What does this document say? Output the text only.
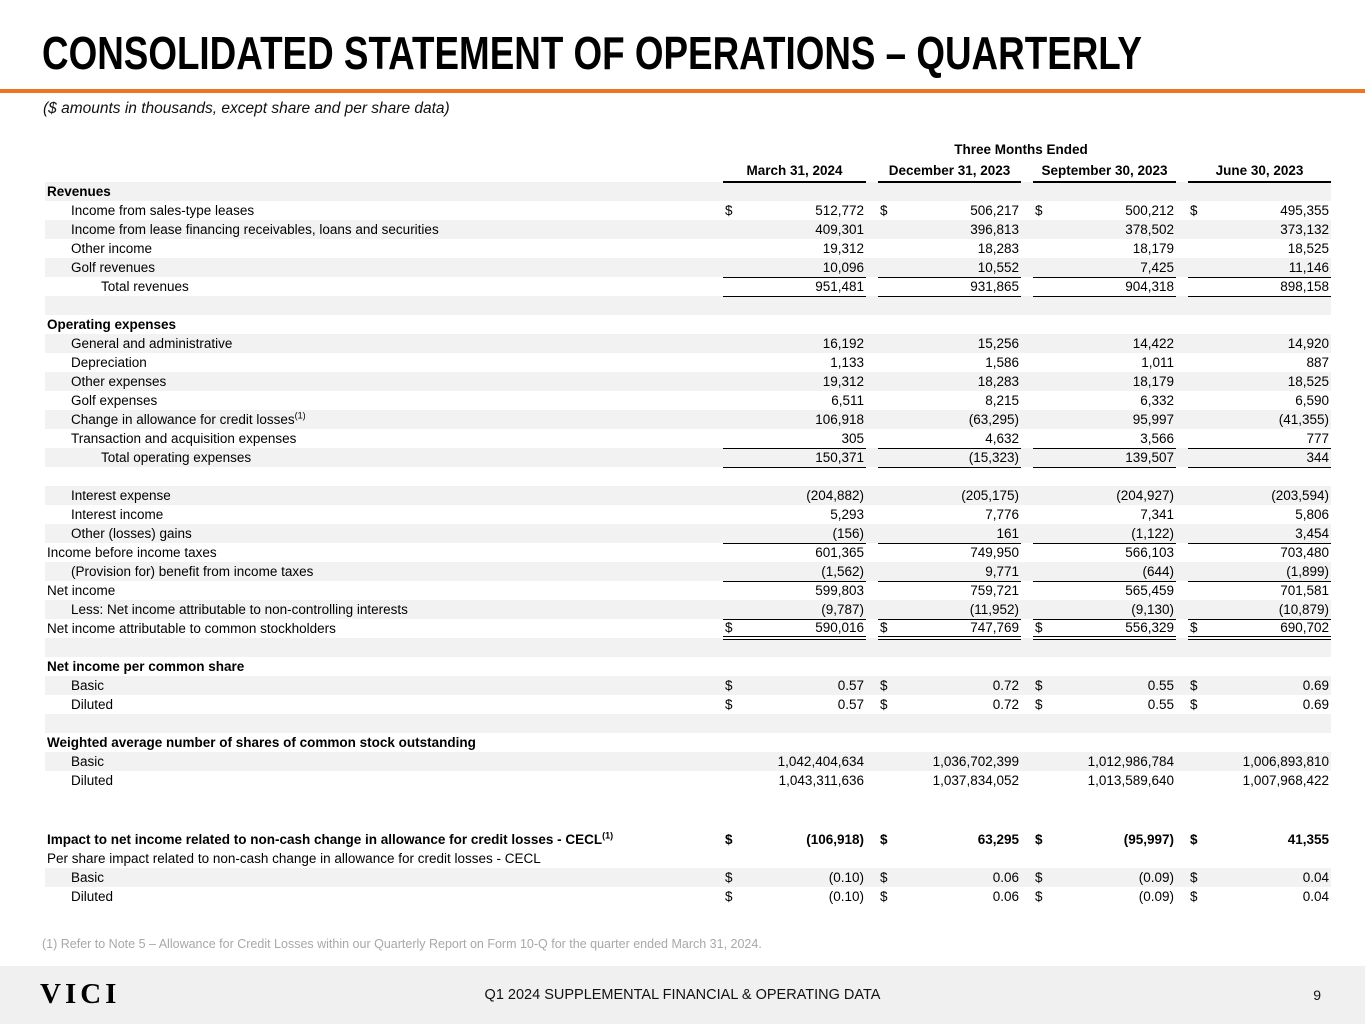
CONSOLIDATED STATEMENT OF OPERATIONS – QUARTERLY
($ amounts in thousands, except share and per share data)
	Three Months Ended											
		March 31, 2024			December 31, 2023			September 30, 2023			June 30, 2023	
Revenues												
Income from sales-type leases		$	512,772		$	506,217		$	500,212		$	495,355
Income from lease financing receivables, loans and securities			409,301			396,813			378,502			373,132
Other income			19,312			18,283			18,179			18,525
Golf revenues			10,096			10,552			7,425			11,146
Total revenues			951,481			931,865			904,318			898,158

Operating expenses												
General and administrative			16,192			15,256			14,422			14,920
Depreciation			1,133			1,586			1,011			887
Other expenses			19,312			18,283			18,179			18,525
Golf expenses			6,511			8,215			6,332			6,590
Change in allowance for credit losses$^{(1)}$			106,918			(63,295)			95,997			(41,355)
Transaction and acquisition expenses			305			4,632			3,566			777
Total operating expenses			150,371			(15,323)			139,507			344

Interest expense			(204,882)			(205,175)			(204,927)			(203,594)
Interest income			5,293			7,776			7,341			5,806
Other (losses) gains			(156)			161			(1,122)			3,454
Income before income taxes			601,365			749,950			566,103			703,480
(Provision for) benefit from income taxes			(1,562)			9,771			(644)			(1,899)
Net income			599,803			759,721			565,459			701,581
Less: Net income attributable to non-controlling interests			(9,787)			(11,952)			(9,130)			(10,879)
Net income attributable to common stockholders		$	590,016		$	747,769		$	556,329		$	690,702

Net income per common share												
Basic		$	0.57		$	0.72		$	0.55		$	0.69
Diluted		$	0.57		$	0.72		$	0.55		$	0.69

Weighted average number of shares of common stock outstanding												
Basic			1,042,404,634			1,036,702,399			1,012,986,784			1,006,893,810
Diluted			1,043,311,636			1,037,834,052			1,013,589,640			1,007,968,422
Impact to net income related to non-cash change in allowance for credit losses - CECL$^{(1)}$		$	(106,918)		$	63,295		$	(95,997)		$	41,355
Per share impact related to non-cash change in allowance for credit losses - CECL												
Basic		$	(0.10)		$	0.06		$	(0.09)		$	0.04
Diluted		$	(0.10)		$	0.06		$	(0.09)		$	0.04
(1) Refer to Note 5 – Allowance for Credit Losses within our Quarterly Report on Form 10-Q for the quarter ended March 31, 2024.
VICI	Q1 2024 SUPPLEMENTAL FINANCIAL & OPERATING DATA	9
